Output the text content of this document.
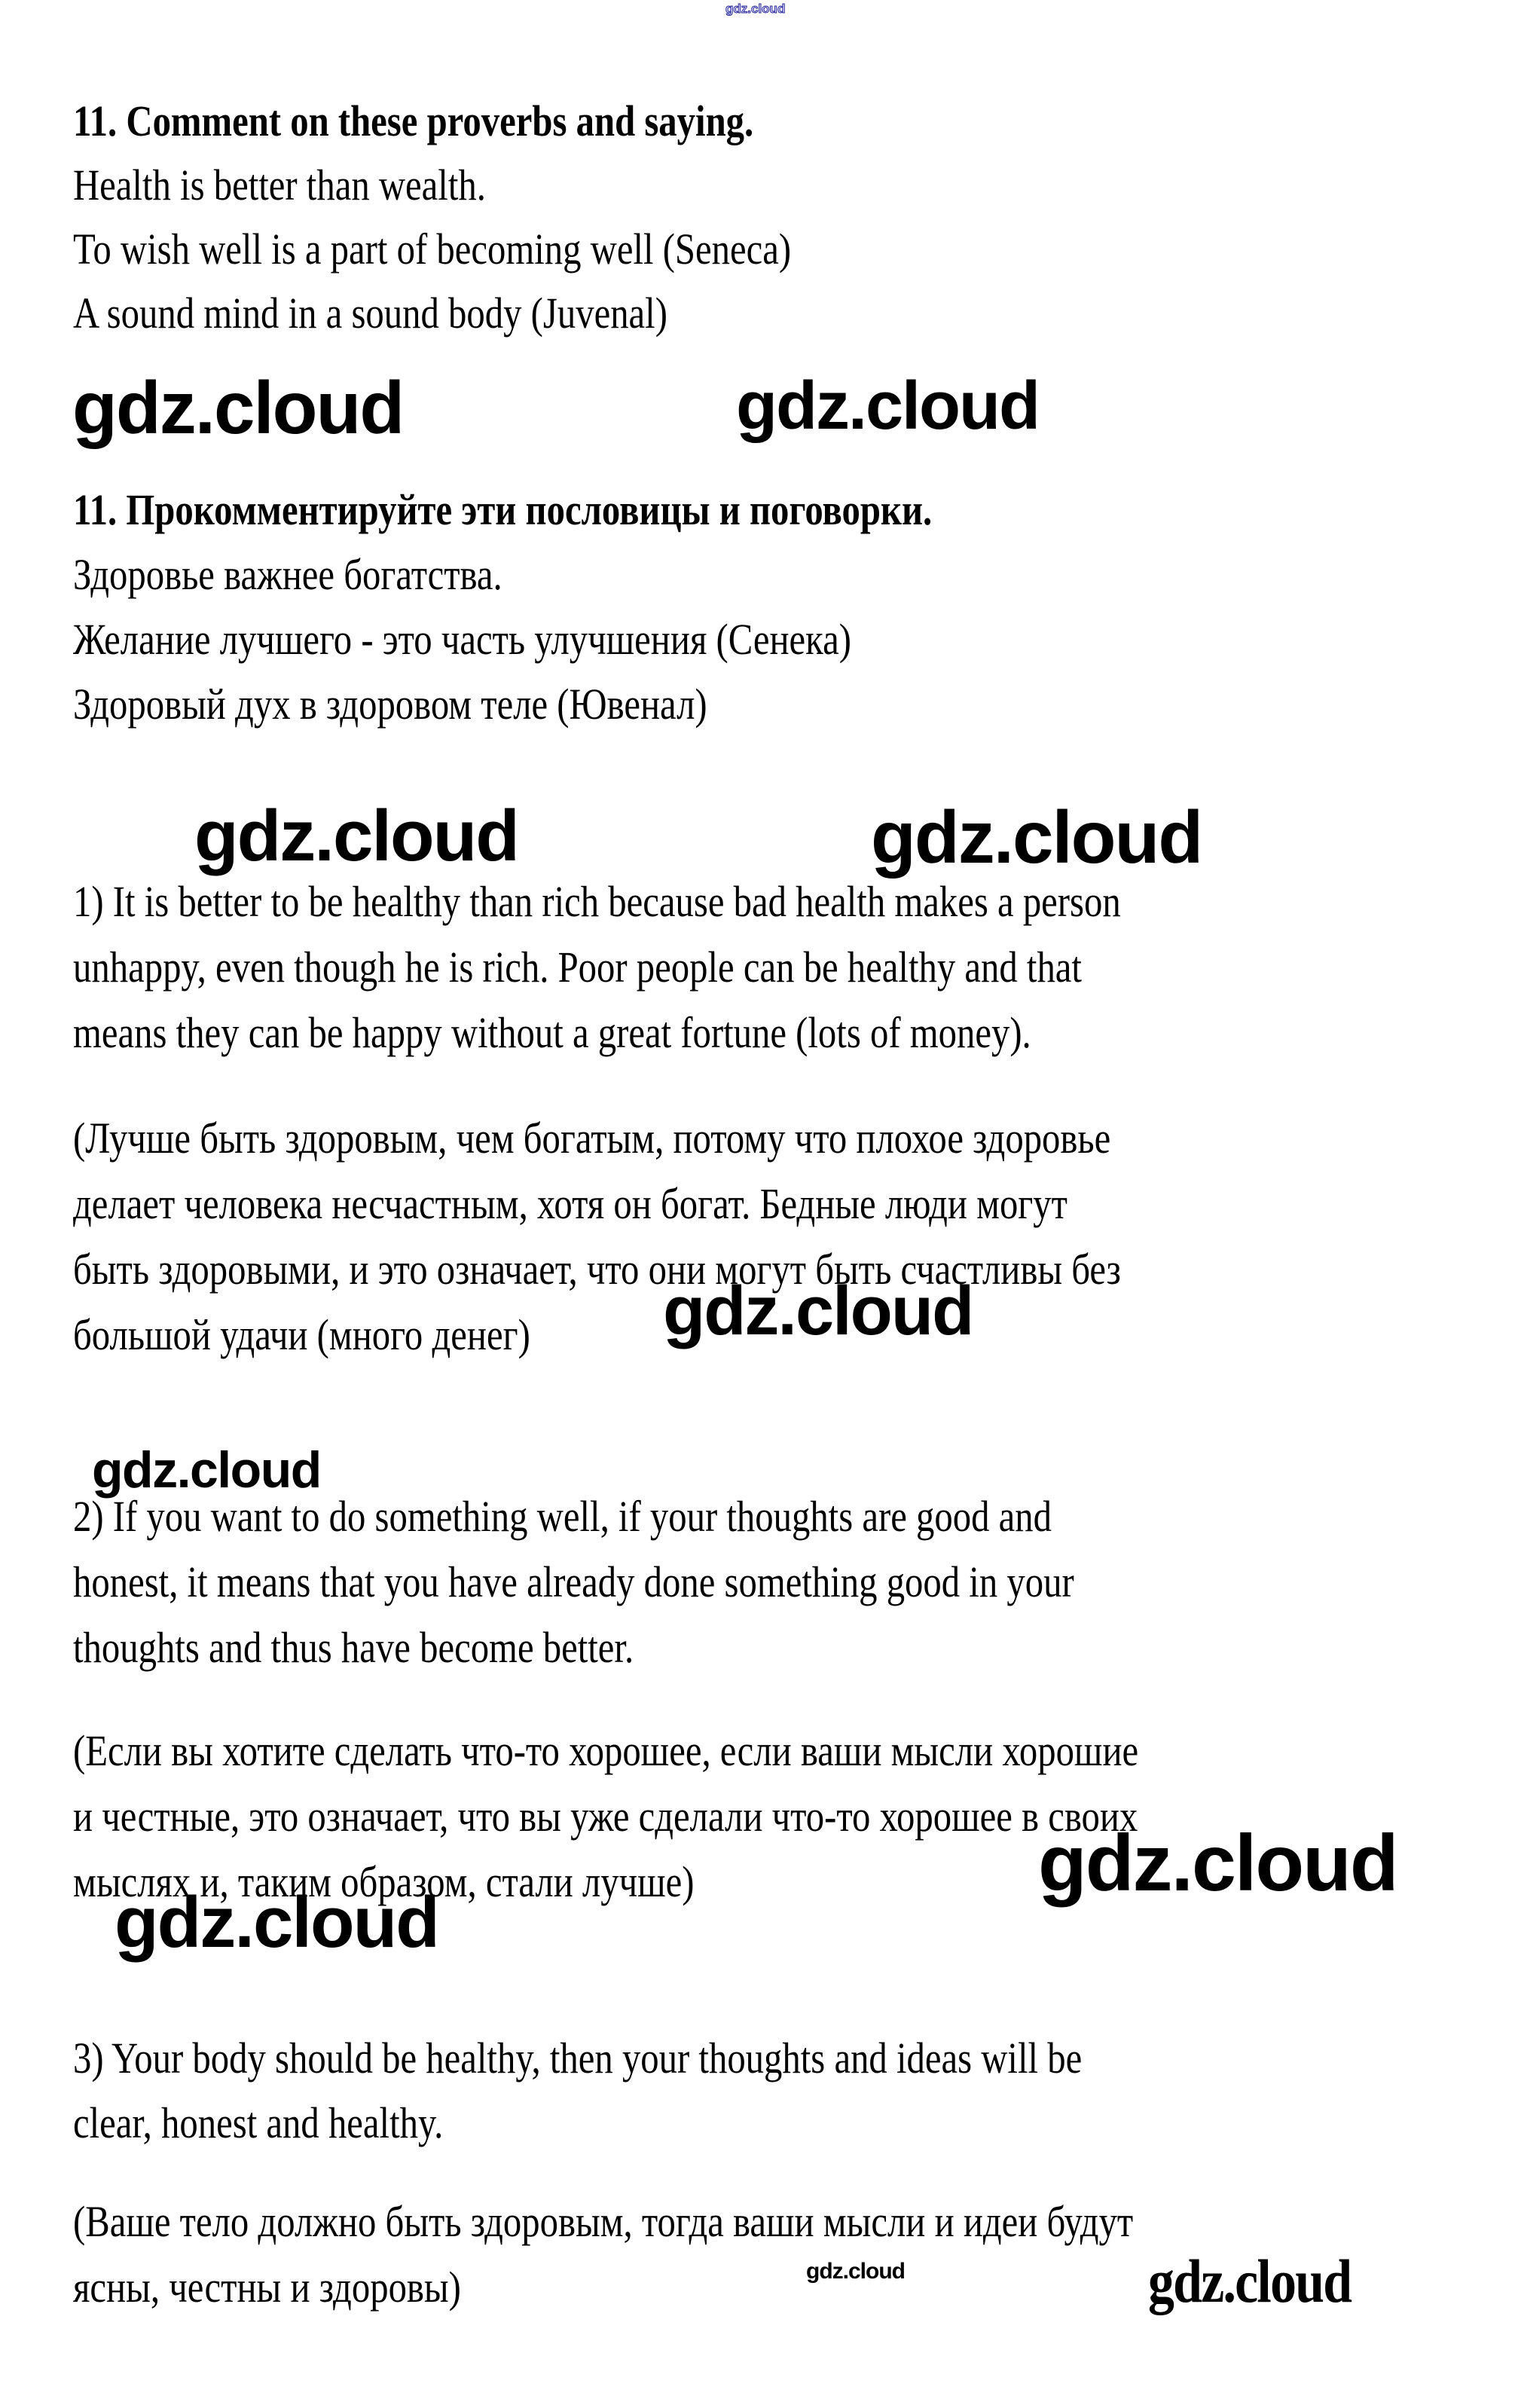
gdz.cloud
gdz.cloud	gdz.cloud
gdz.cloud	gdz.cloud
gdz.cloud
gdz.cloud
gdz.cloud
gdz.cloud
gdz.cloud	gdz.cloud
11. Comment on these proverbs and saying.
Health is better than wealth.
To wish well is a part of becoming well (Seneca)
A sound mind in a sound body (Juvenal)
11. Прокомментируйте эти пословицы и поговорки.
Здоровье важнее богатства.
Желание лучшего - это часть улучшения (Сенека)
Здоровый дух в здоровом теле (Ювенал)
1) It is better to be healthy than rich because bad health makes a person
unhappy, even though he is rich. Poor people can be healthy and that
means they can be happy without a great fortune (lots of money).
(Лучше быть здоровым, чем богатым, потому что плохое здоровье
делает человека несчастным, хотя он богат. Бедные люди могут
быть здоровыми, и это означает, что они могут быть счастливы без
большой удачи (много денег)
2) If you want to do something well, if your thoughts are good and
honest, it means that you have already done something good in your
thoughts and thus have become better.
(Если вы хотите сделать что-то хорошее, если ваши мысли хорошие
и честные, это означает, что вы уже сделали что-то хорошее в своих
мыслях и, таким образом, стали лучше)
3) Your body should be healthy, then your thoughts and ideas will be
clear, honest and healthy.
(Ваше тело должно быть здоровым, тогда ваши мысли и идеи будут
ясны, честны и здоровы)
